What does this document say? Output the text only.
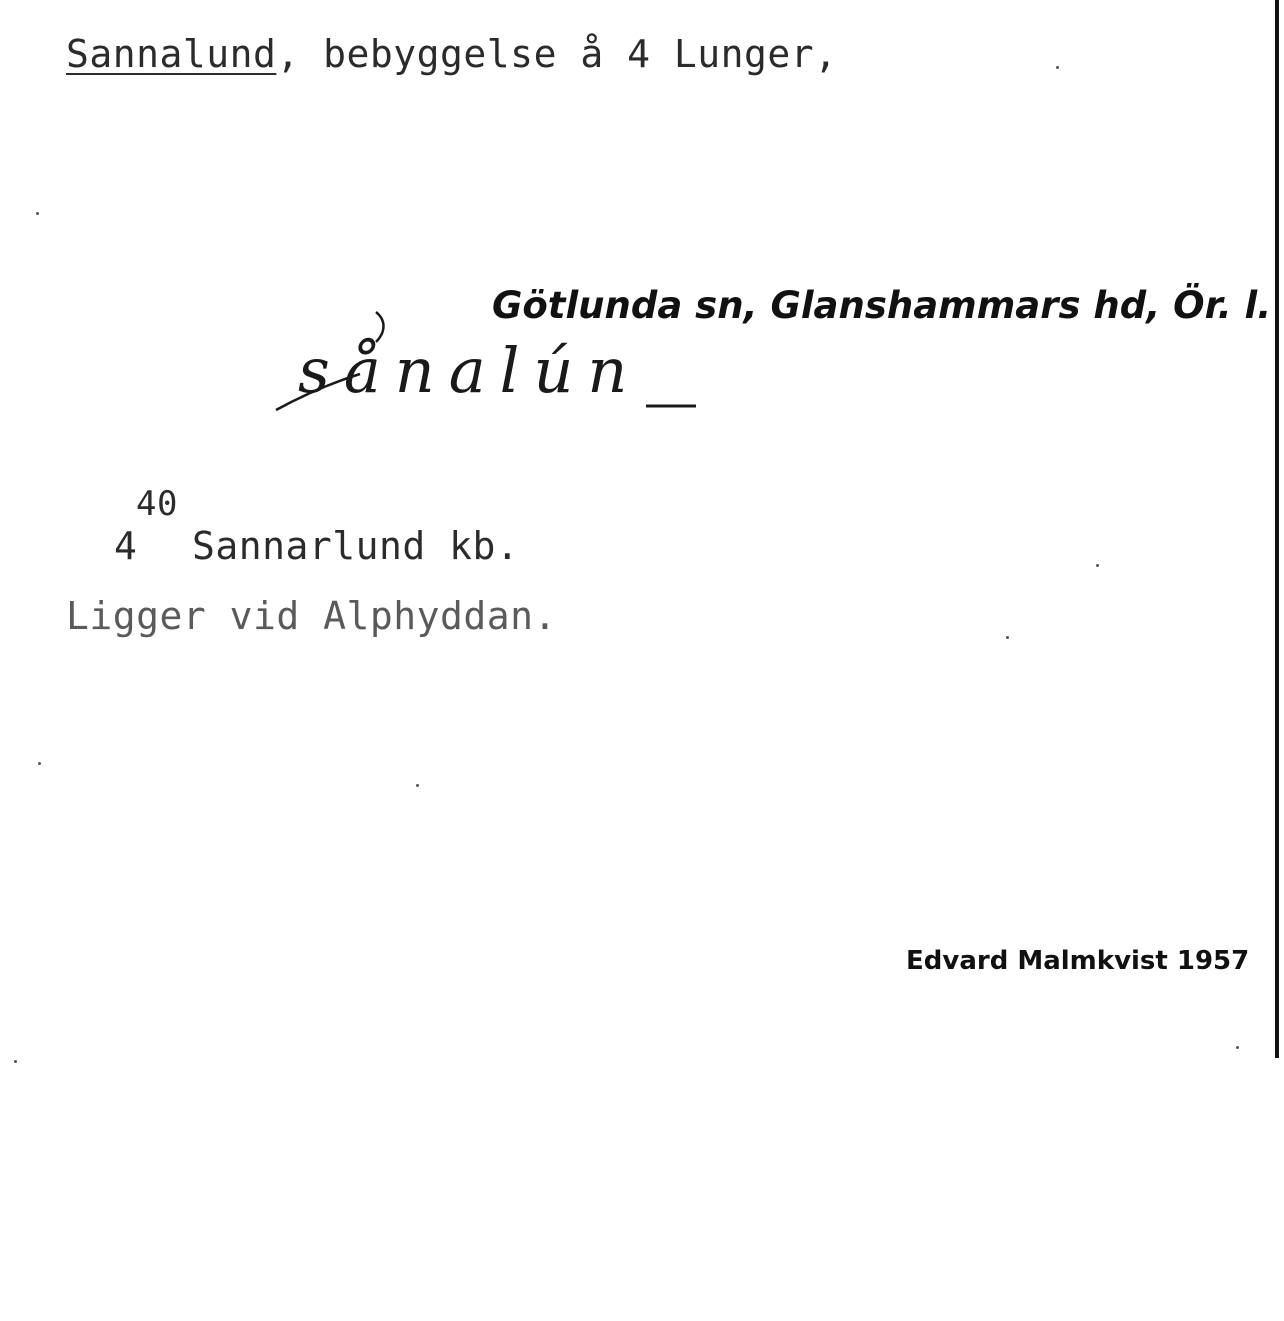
Sannalund, bebyggelse å 4 Lunger,
Götlunda sn, Glanshammars hd, Ör. l.
sånalún
40
4 Sannarlund kb.
Ligger vid Alphyddan.
Edvard Malmkvist 1957
